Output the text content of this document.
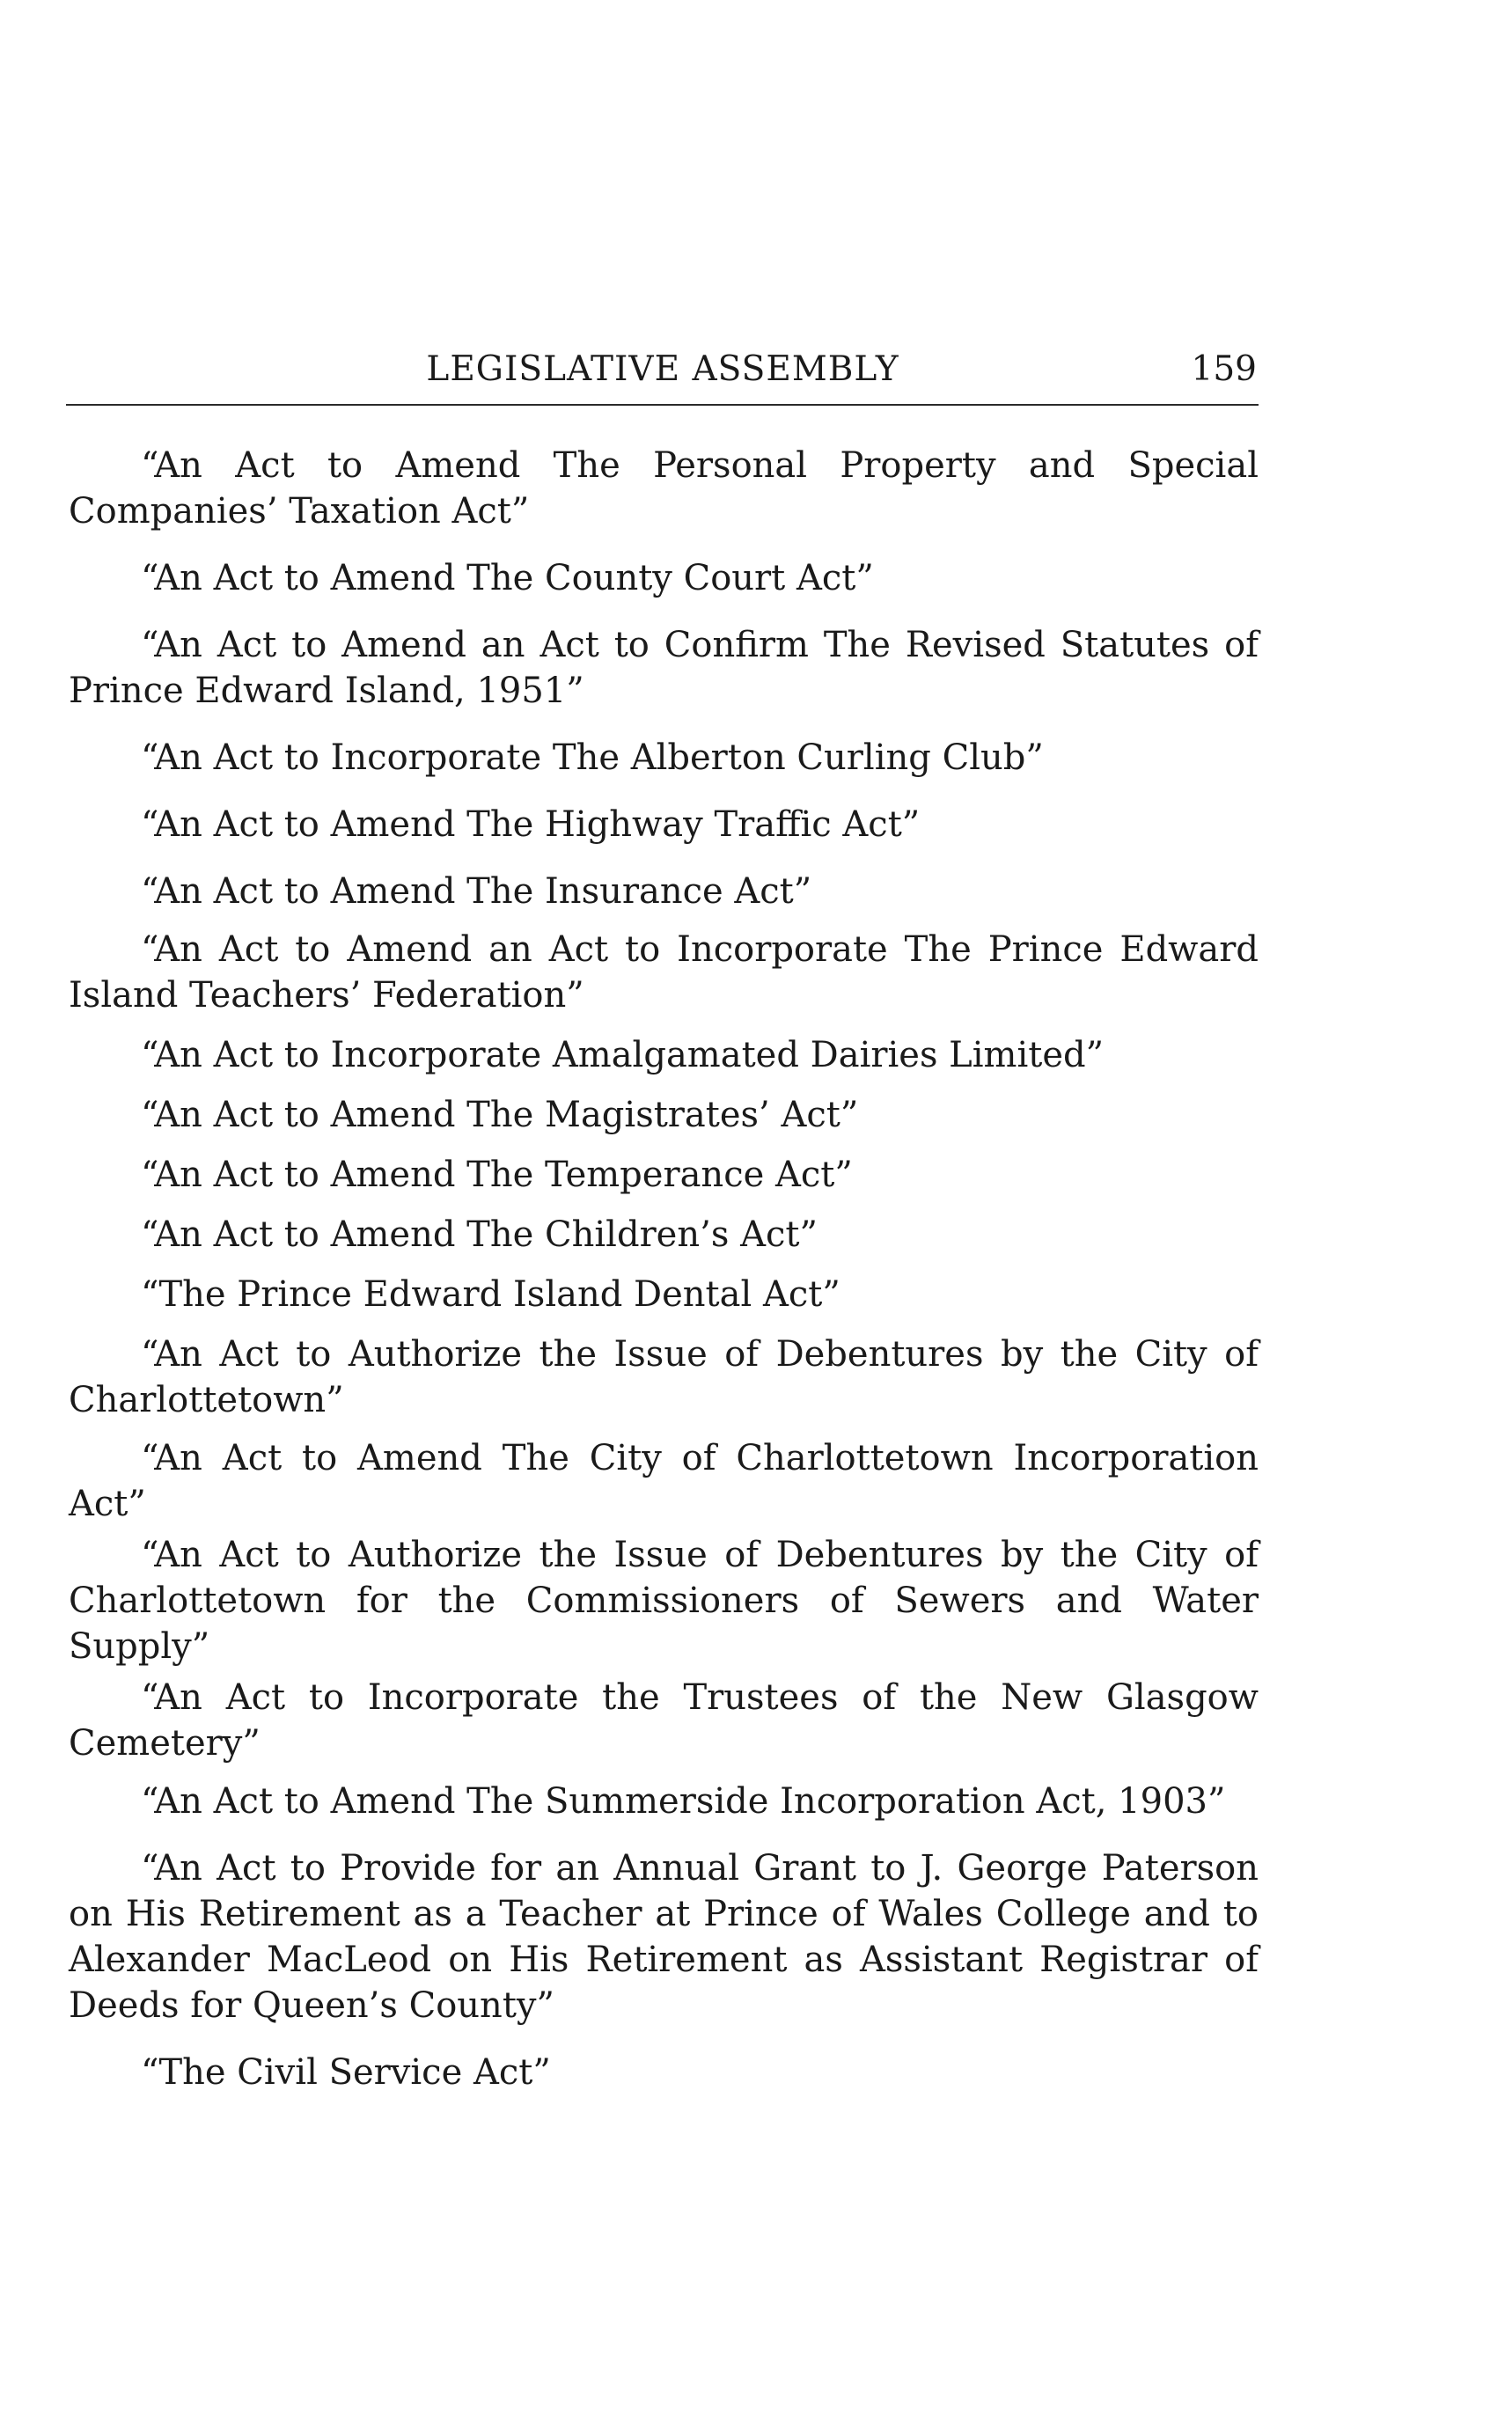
LEGISLATIVE ASSEMBLY	159

“An Act to Amend The Personal Property and Special Companies’ Taxation Act”

“An Act to Amend The County Court Act”

“An Act to Amend an Act to Confirm The Revised Statutes of Prince Edward Island, 1951”

“An Act to Incorporate The Alberton Curling Club”

“An Act to Amend The Highway Traffic Act”

“An Act to Amend The Insurance Act”

“An Act to Amend an Act to Incorporate The Prince Edward Island Teachers’ Federation”

“An Act to Incorporate Amalgamated Dairies Limited”

“An Act to Amend The Magistrates’ Act”

“An Act to Amend The Temperance Act”

“An Act to Amend The Children’s Act”

“The Prince Edward Island Dental Act”

“An Act to Authorize the Issue of Debentures by the City of Charlottetown”

“An Act to Amend The City of Charlottetown Incorporation Act”

“An Act to Authorize the Issue of Debentures by the City of Charlottetown for the Commissioners of Sewers and Water Supply”

“An Act to Incorporate the Trustees of the New Glasgow Cemetery”

“An Act to Amend The Summerside Incorporation Act, 1903”

“An Act to Provide for an Annual Grant to J. George Paterson on His Retirement as a Teacher at Prince of Wales College and to Alexander MacLeod on His Retirement as Assistant Registrar of Deeds for Queen’s County”

“The Civil Service Act”
